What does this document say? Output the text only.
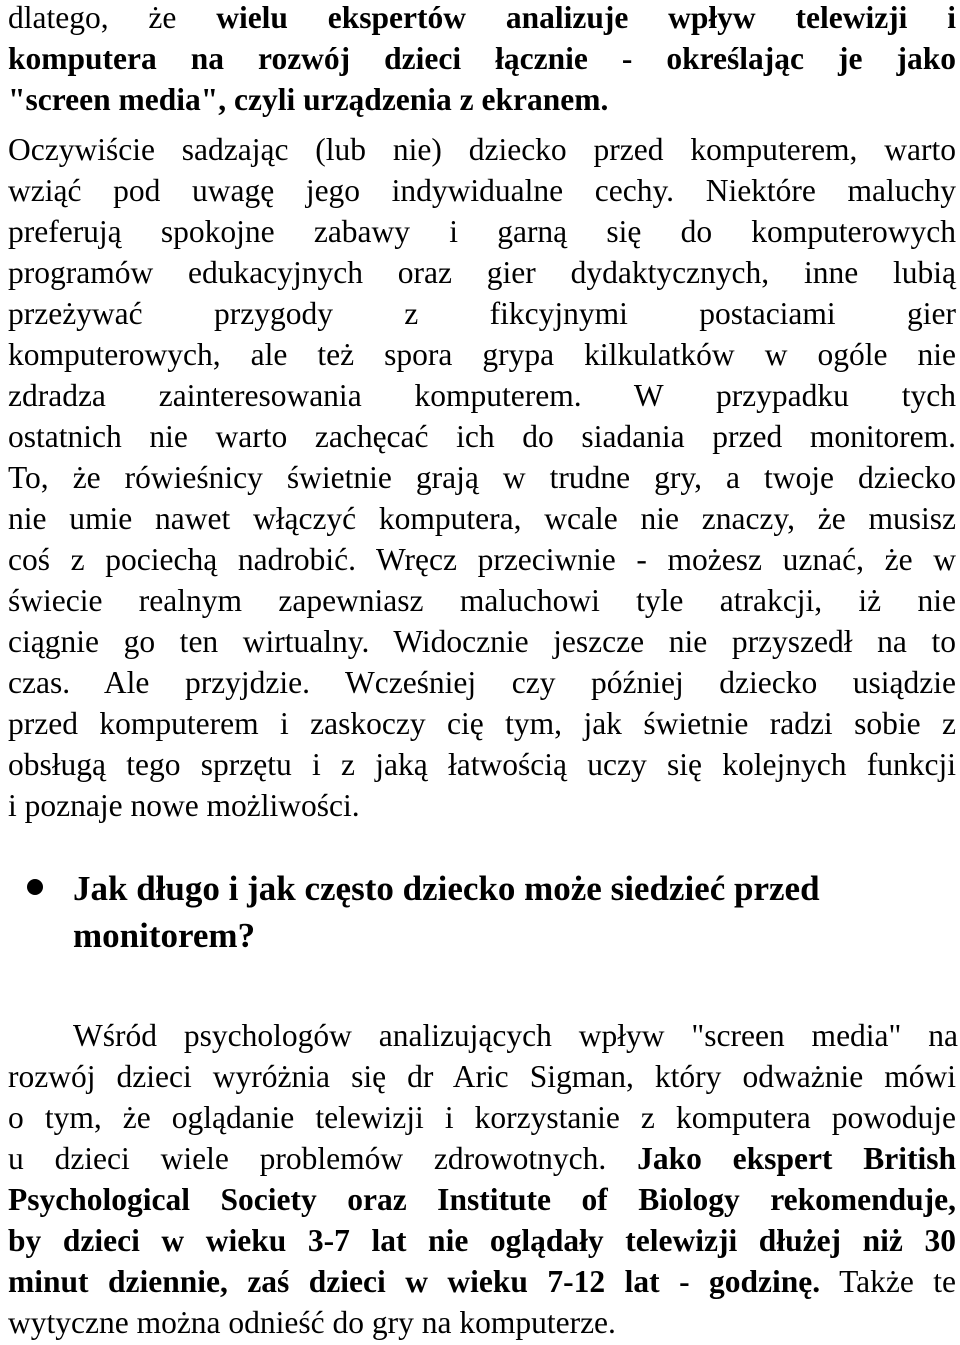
dlatego, że wielu ekspertów analizuje wpływ telewizji i
komputera na rozwój dzieci łącznie - określając je jako
"screen media", czyli urządzenia z ekranem.
Oczywiście sadzając (lub nie) dziecko przed komputerem, warto
wziąć pod uwagę jego indywidualne cechy. Niektóre maluchy
preferują spokojne zabawy i garną się do komputerowych
programów edukacyjnych oraz gier dydaktycznych, inne lubią
przeżywać przygody z fikcyjnymi postaciami gier
komputerowych, ale też spora grypa kilkulatków w ogóle nie
zdradza zainteresowania komputerem. W przypadku tych
ostatnich nie warto zachęcać ich do siadania przed monitorem.
To, że rówieśnicy świetnie grają w trudne gry, a twoje dziecko
nie umie nawet włączyć komputera, wcale nie znaczy, że musisz
coś z pociechą nadrobić. Wręcz przeciwnie - możesz uznać, że w
świecie realnym zapewniasz maluchowi tyle atrakcji, iż nie
ciągnie go ten wirtualny. Widocznie jeszcze nie przyszedł na to
czas. Ale przyjdzie. Wcześniej czy później dziecko usiądzie
przed komputerem i zaskoczy cię tym, jak świetnie radzi sobie z
obsługą tego sprzętu i z jaką łatwością uczy się kolejnych funkcji
i poznaje nowe możliwości.
Jak długo i jak często dziecko może siedzieć przed
monitorem?
Wśród psychologów analizujących wpływ "screen media" na
rozwój dzieci wyróżnia się dr Aric Sigman, który odważnie mówi
o tym, że oglądanie telewizji i korzystanie z komputera powoduje
u dzieci wiele problemów zdrowotnych. Jako ekspert British
Psychological Society oraz Institute of Biology rekomenduje,
by dzieci w wieku 3-7 lat nie oglądały telewizji dłużej niż 30
minut dziennie, zaś dzieci w wieku 7-12 lat - godzinę. Także te
wytyczne można odnieść do gry na komputerze.
